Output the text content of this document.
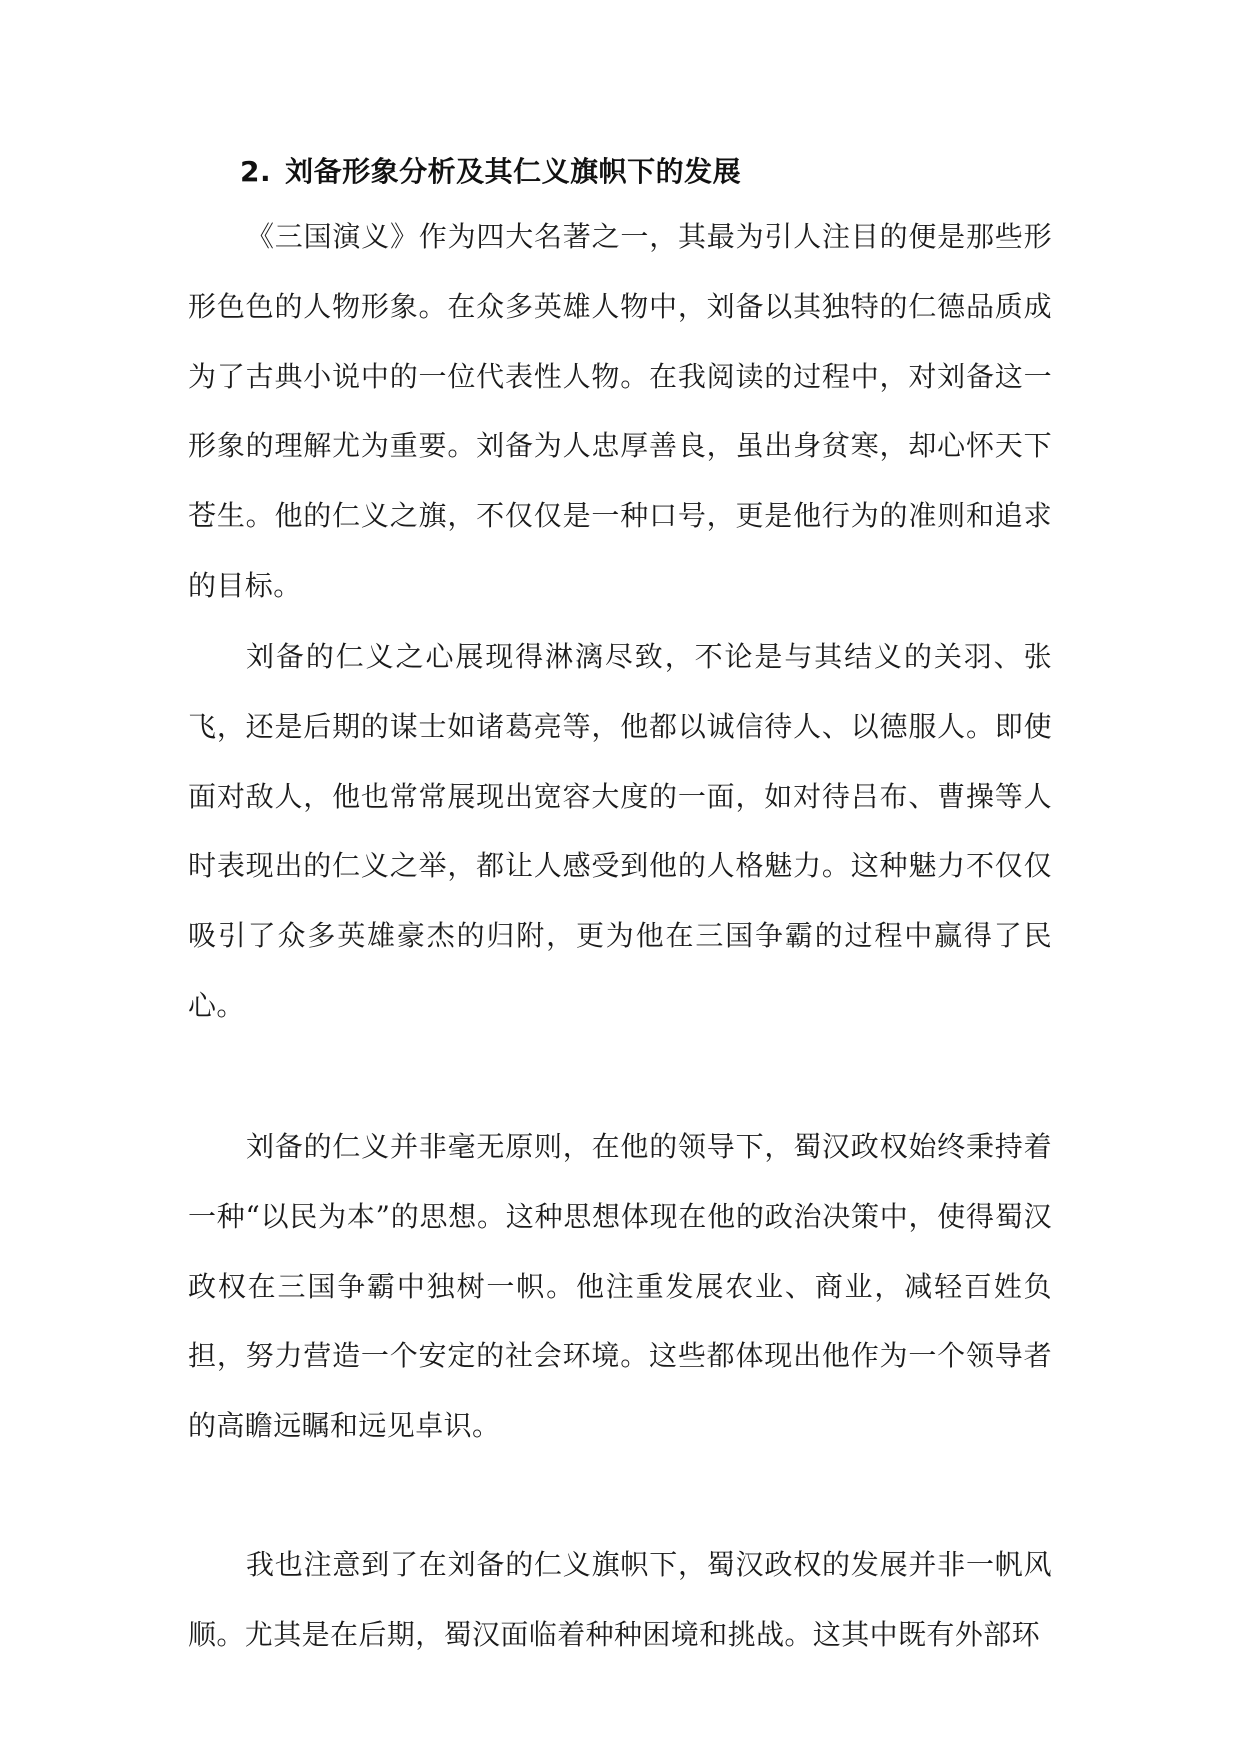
2. 刘备形象分析及其仁义旗帜下的发展

《三国演义》作为四大名著之一，其最为引人注目的便是那些形形色色的人物形象。在众多英雄人物中，刘备以其独特的仁德品质成为了古典小说中的一位代表性人物。在我阅读的过程中，对刘备这一形象的理解尤为重要。刘备为人忠厚善良，虽出身贫寒，却心怀天下苍生。他的仁义之旗，不仅仅是一种口号，更是他行为的准则和追求的目标。

刘备的仁义之心展现得淋漓尽致，不论是与其结义的关羽、张飞，还是后期的谋士如诸葛亮等，他都以诚信待人、以德服人。即使面对敌人，他也常常展现出宽容大度的一面，如对待吕布、曹操等人时表现出的仁义之举，都让人感受到他的人格魅力。这种魅力不仅仅吸引了众多英雄豪杰的归附，更为他在三国争霸的过程中赢得了民心。

刘备的仁义并非毫无原则，在他的领导下，蜀汉政权始终秉持着一种“以民为本”的思想。这种思想体现在他的政治决策中，使得蜀汉政权在三国争霸中独树一帜。他注重发展农业、商业，减轻百姓负担，努力营造一个安定的社会环境。这些都体现出他作为一个领导者的高瞻远瞩和远见卓识。

我也注意到了在刘备的仁义旗帜下，蜀汉政权的发展并非一帆风顺。尤其是在后期，蜀汉面临着种种困境和挑战。这其中既有外部环
